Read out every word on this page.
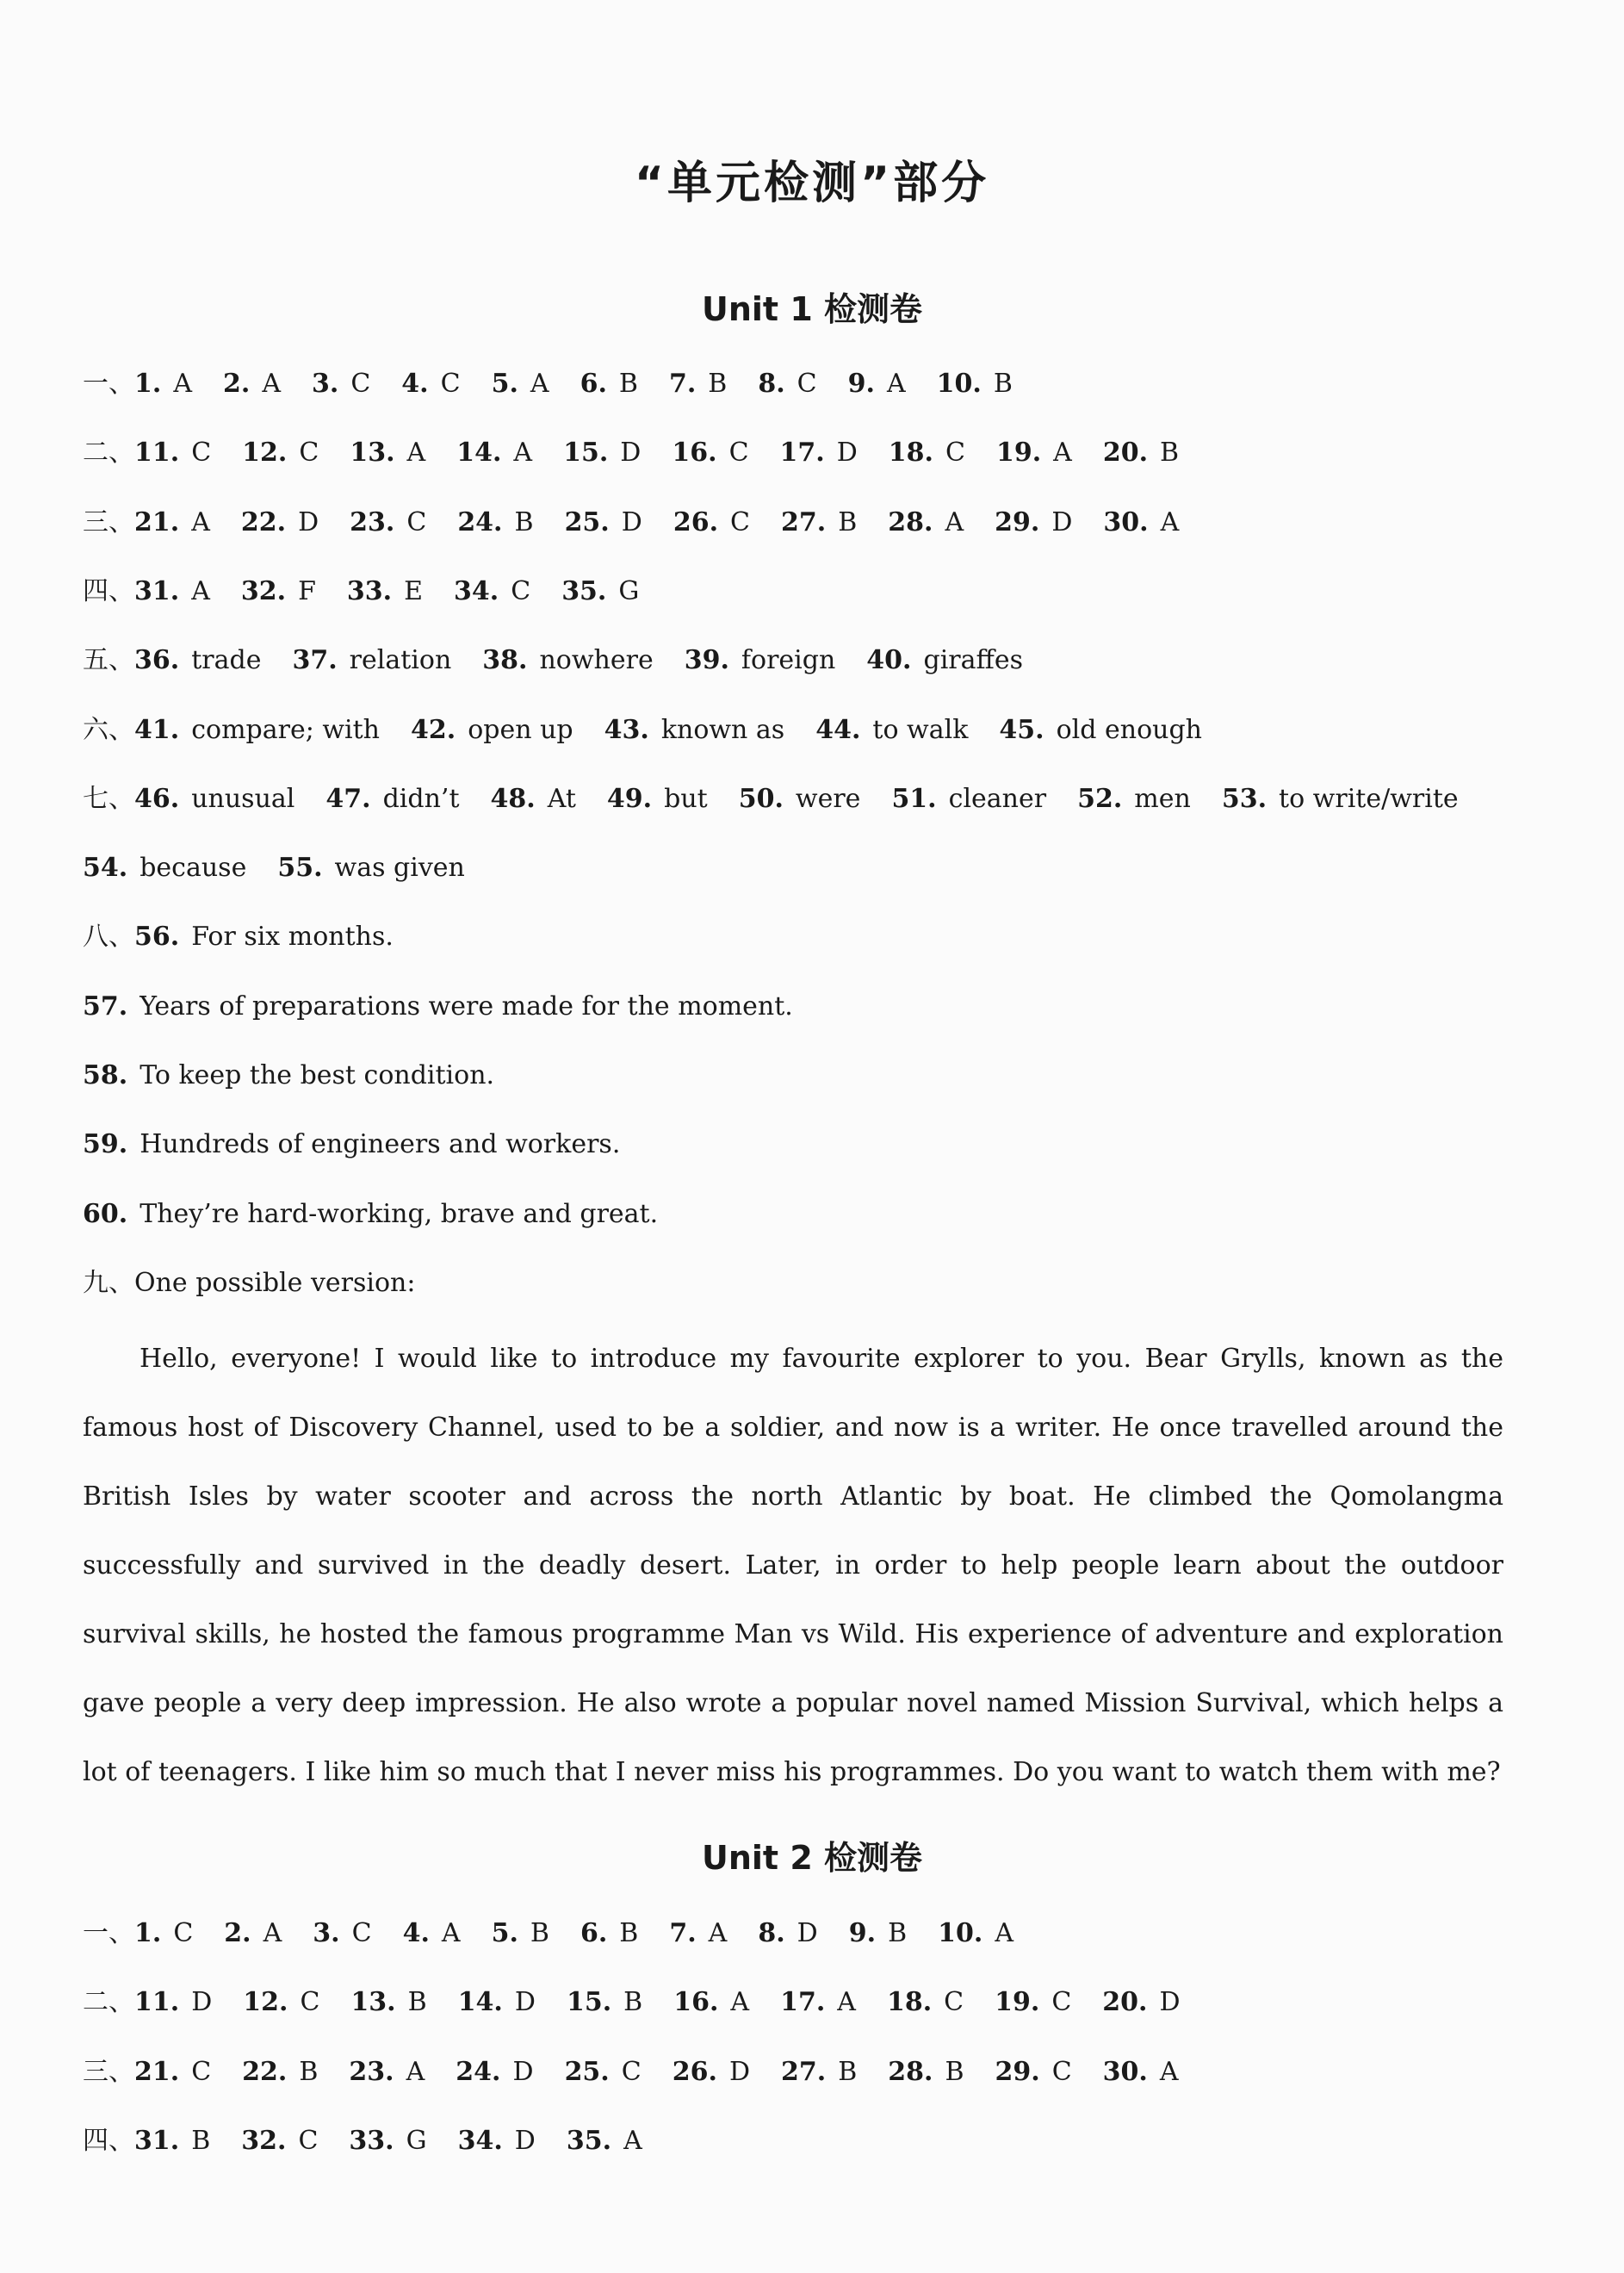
“单元检测”部分
Unit 1 检测卷
一、1. A 2. A 3. C 4. C 5. A 6. B 7. B 8. C 9. A 10. B
二、11. C 12. C 13. A 14. A 15. D 16. C 17. D 18. C 19. A 20. B
三、21. A 22. D 23. C 24. B 25. D 26. C 27. B 28. A 29. D 30. A
四、31. A 32. F 33. E 34. C 35. G
五、36. trade 37. relation 38. nowhere 39. foreign 40. giraffes
六、41. compare; with 42. open up 43. known as 44. to walk 45. old enough
七、46. unusual 47. didn’t 48. At 49. but 50. were 51. cleaner 52. men 53. to write/write
54. because 55. was given
八、56. For six months.
57. Years of preparations were made for the moment.
58. To keep the best condition.
59. Hundreds of engineers and workers.
60. They’re hard-working, brave and great.
九、One possible version:

Hello, everyone! I would like to introduce my favourite explorer to you. Bear Grylls, known as the famous host of Discovery Channel, used to be a soldier, and now is a writer. He once travelled around the British Isles by water scooter and across the north Atlantic by boat. He climbed the Qomolangma successfully and survived in the deadly desert. Later, in order to help people learn about the outdoor survival skills, he hosted the famous programme Man vs Wild. His experience of adventure and exploration gave people a very deep impression. He also wrote a popular novel named Mission Survival, which helps a lot of teenagers. I like him so much that I never miss his programmes. Do you want to watch them with me?

Unit 2 检测卷
一、1. C 2. A 3. C 4. A 5. B 6. B 7. A 8. D 9. B 10. A
二、11. D 12. C 13. B 14. D 15. B 16. A 17. A 18. C 19. C 20. D
三、21. C 22. B 23. A 24. D 25. C 26. D 27. B 28. B 29. C 30. A
四、31. B 32. C 33. G 34. D 35. A
